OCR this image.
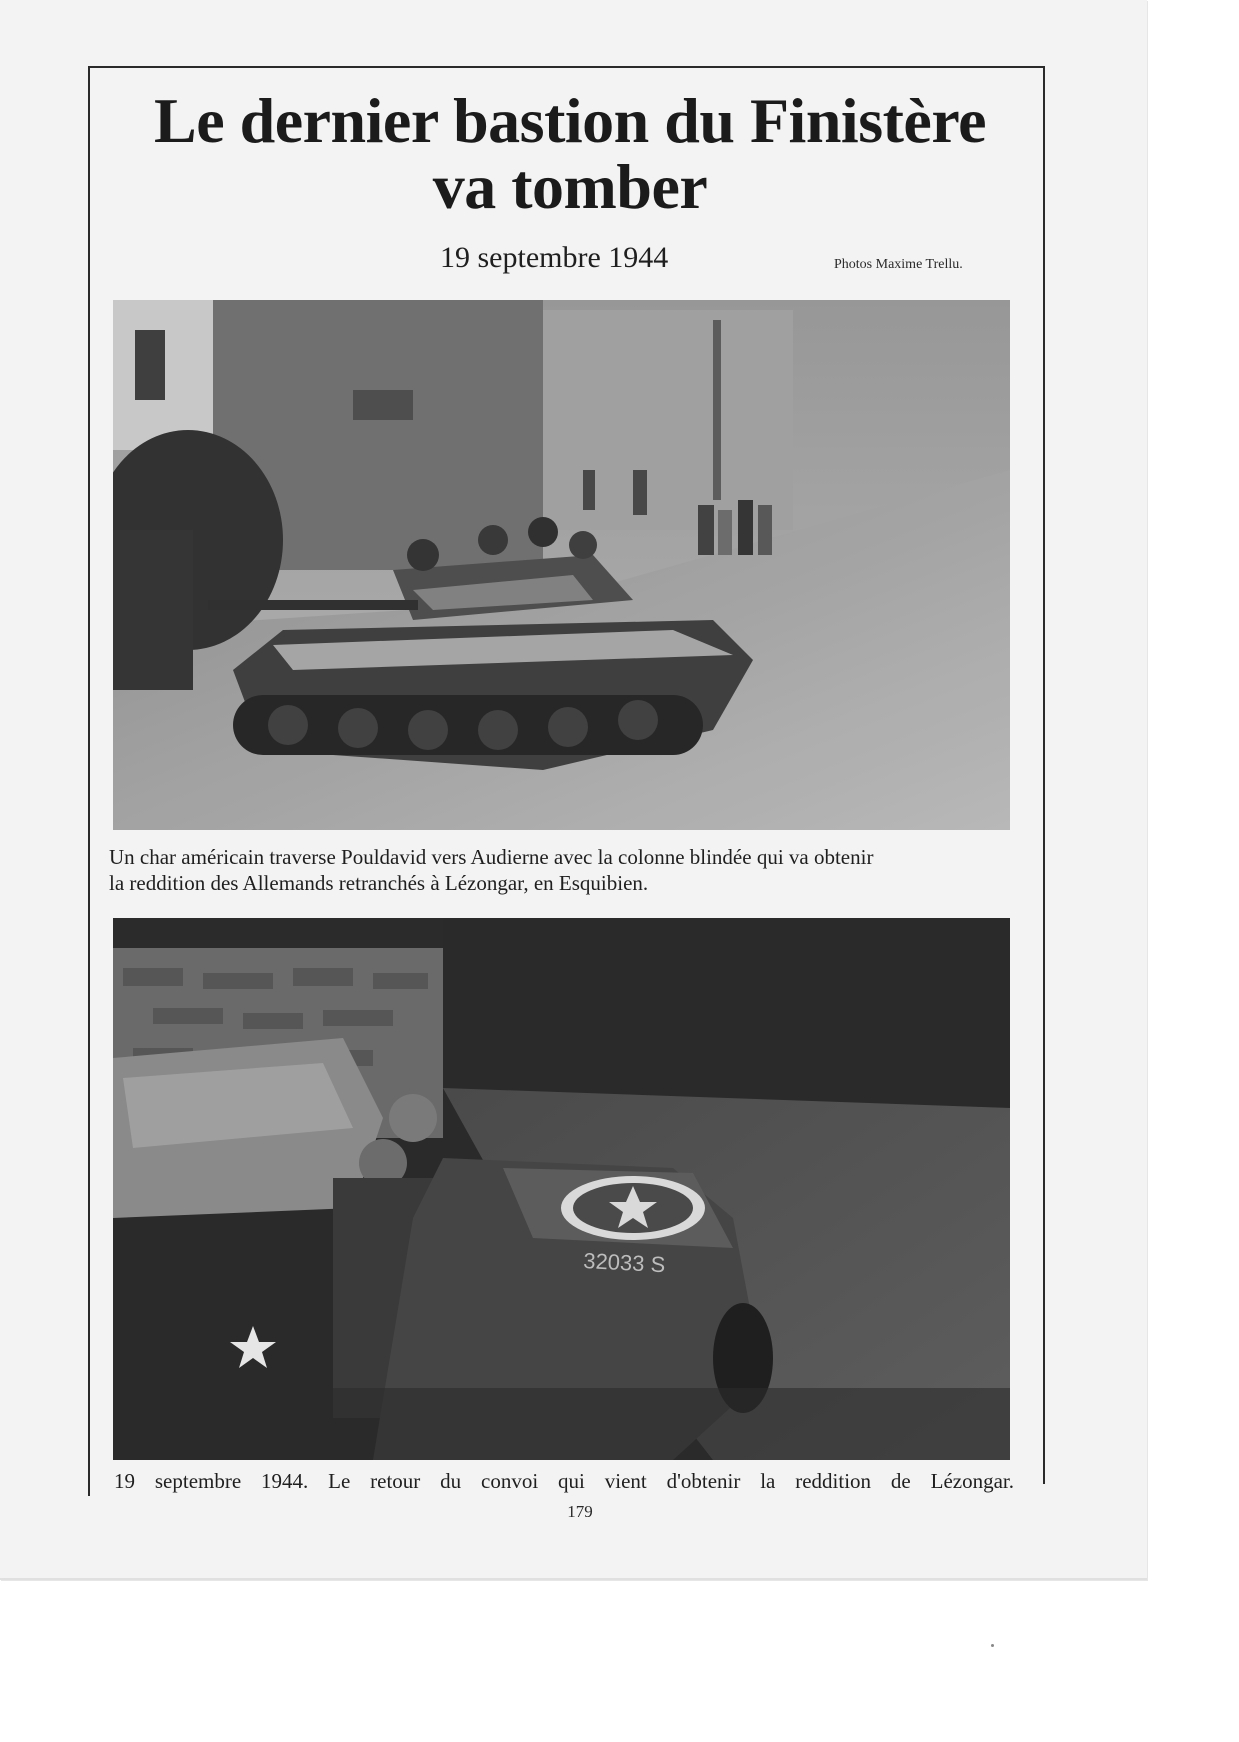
Le dernier bastion du Finistère
va tomber
19 septembre 1944	Photos Maxime Trellu.

Un char américain traverse Pouldavid vers Audierne avec la colonne blindée qui va obtenir
la reddition des Allemands retranchés à Lézongar, en Esquibien.

32033 S

19 septembre 1944. Le retour du convoi qui vient d'obtenir la reddition de Lézongar.

179
